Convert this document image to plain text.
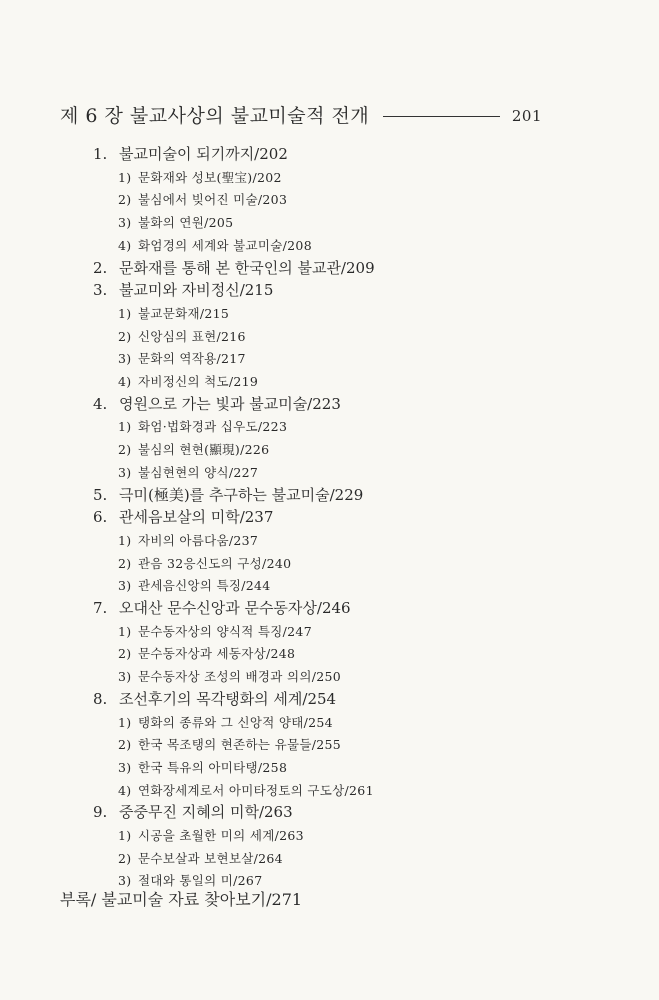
제 6 장 불교사상의 불교미술적 전개	201
1. 불교미술이 되기까지/202
1) 문화재와 성보(聖宝)/202
2) 불심에서 빚어진 미술/203
3) 불화의 연원/205
4) 화엄경의 세계와 불교미술/208
2. 문화재를 통해 본 한국인의 불교관/209
3. 불교미와 자비정신/215
1) 불교문화재/215
2) 신앙심의 표현/216
3) 문화의 역작용/217
4) 자비정신의 척도/219
4. 영원으로 가는 빛과 불교미술/223
1) 화엄·법화경과 십우도/223
2) 불심의 현현(顯現)/226
3) 불심현현의 양식/227
5. 극미(極美)를 추구하는 불교미술/229
6. 관세음보살의 미학/237
1) 자비의 아름다움/237
2) 관음 32응신도의 구성/240
3) 관세음신앙의 특징/244
7. 오대산 문수신앙과 문수동자상/246
1) 문수동자상의 양식적 특징/247
2) 문수동자상과 세동자상/248
3) 문수동자상 조성의 배경과 의의/250
8. 조선후기의 목각탱화의 세계/254
1) 탱화의 종류와 그 신앙적 양태/254
2) 한국 목조탱의 현존하는 유물들/255
3) 한국 특유의 아미타탱/258
4) 연화장세계로서 아미타정토의 구도상/261
9. 중중무진 지혜의 미학/263
1) 시공을 초월한 미의 세계/263
2) 문수보살과 보현보살/264
3) 절대와 통일의 미/267
부록/ 불교미술 자료 찾아보기/271
